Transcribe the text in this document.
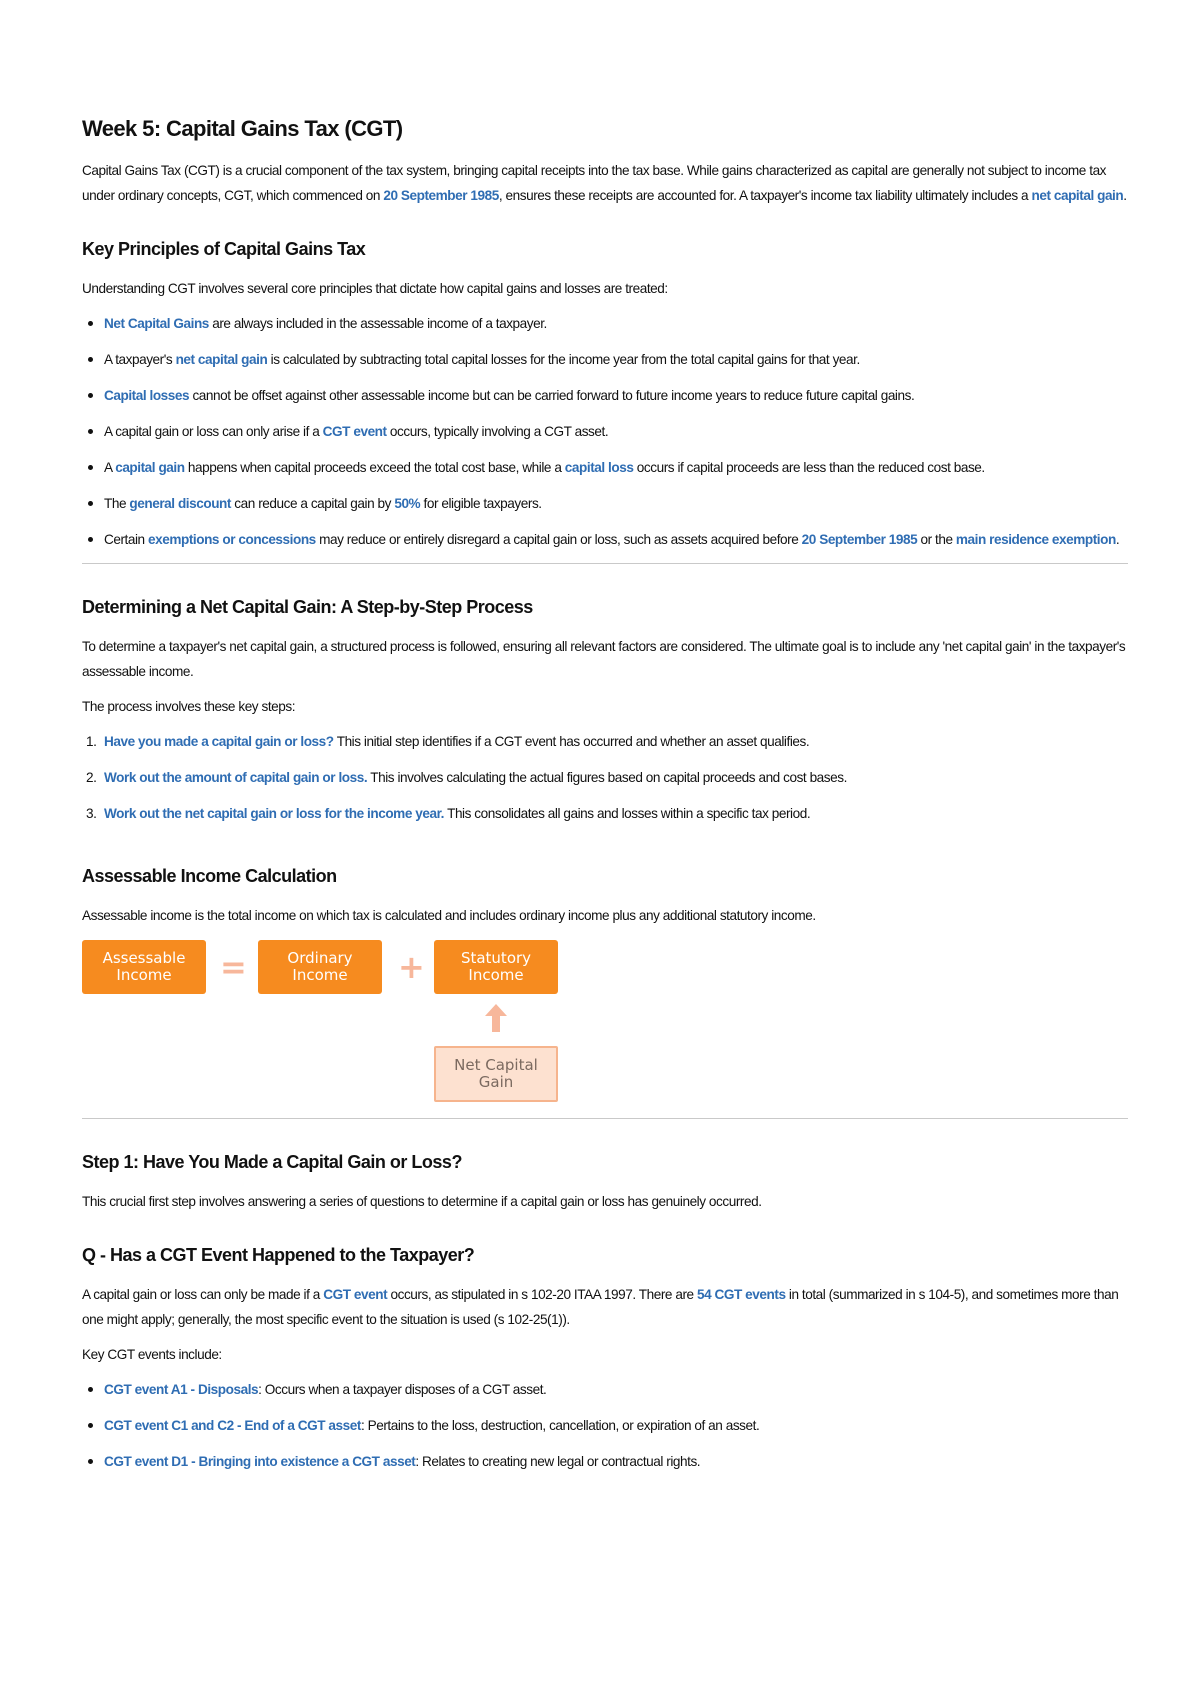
Week 5: Capital Gains Tax (CGT)

Capital Gains Tax (CGT) is a crucial component of the tax system, bringing capital receipts into the tax base. While gains characterized as capital are generally not subject to income tax under ordinary concepts, CGT, which commenced on 20 September 1985, ensures these receipts are accounted for. A taxpayer's income tax liability ultimately includes a net capital gain.

Key Principles of Capital Gains Tax

Understanding CGT involves several core principles that dictate how capital gains and losses are treated:

Net Capital Gains are always included in the assessable income of a taxpayer.
A taxpayer's net capital gain is calculated by subtracting total capital losses for the income year from the total capital gains for that year.
Capital losses cannot be offset against other assessable income but can be carried forward to future income years to reduce future capital gains.
A capital gain or loss can only arise if a CGT event occurs, typically involving a CGT asset.
A capital gain happens when capital proceeds exceed the total cost base, while a capital loss occurs if capital proceeds are less than the reduced cost base.
The general discount can reduce a capital gain by 50% for eligible taxpayers.
Certain exemptions or concessions may reduce or entirely disregard a capital gain or loss, such as assets acquired before 20 September 1985 or the main residence exemption.
Determining a Net Capital Gain: A Step-by-Step Process

To determine a taxpayer's net capital gain, a structured process is followed, ensuring all relevant factors are considered. The ultimate goal is to include any 'net capital gain' in the taxpayer's assessable income.

The process involves these key steps:

1. Have you made a capital gain or loss? This initial step identifies if a CGT event has occurred and whether an asset qualifies.
2. Work out the amount of capital gain or loss. This involves calculating the actual figures based on capital proceeds and cost bases.
3. Work out the net capital gain or loss for the income year. This consolidates all gains and losses within a specific tax period.
Assessable Income Calculation

Assessable income is the total income on which tax is calculated and includes ordinary income plus any additional statutory income.

Assessable Income	=	Ordinary Income	+	Statutory Income
Net Capital Gain
Step 1: Have You Made a Capital Gain or Loss?

This crucial first step involves answering a series of questions to determine if a capital gain or loss has genuinely occurred.

Q - Has a CGT Event Happened to the Taxpayer?

A capital gain or loss can only be made if a CGT event occurs, as stipulated in s 102-20 ITAA 1997. There are 54 CGT events in total (summarized in s 104-5), and sometimes more than one might apply; generally, the most specific event to the situation is used (s 102-25(1)).

Key CGT events include:

CGT event A1 - Disposals: Occurs when a taxpayer disposes of a CGT asset.
CGT event C1 and C2 - End of a CGT asset: Pertains to the loss, destruction, cancellation, or expiration of an asset.
CGT event D1 - Bringing into existence a CGT asset: Relates to creating new legal or contractual rights.
